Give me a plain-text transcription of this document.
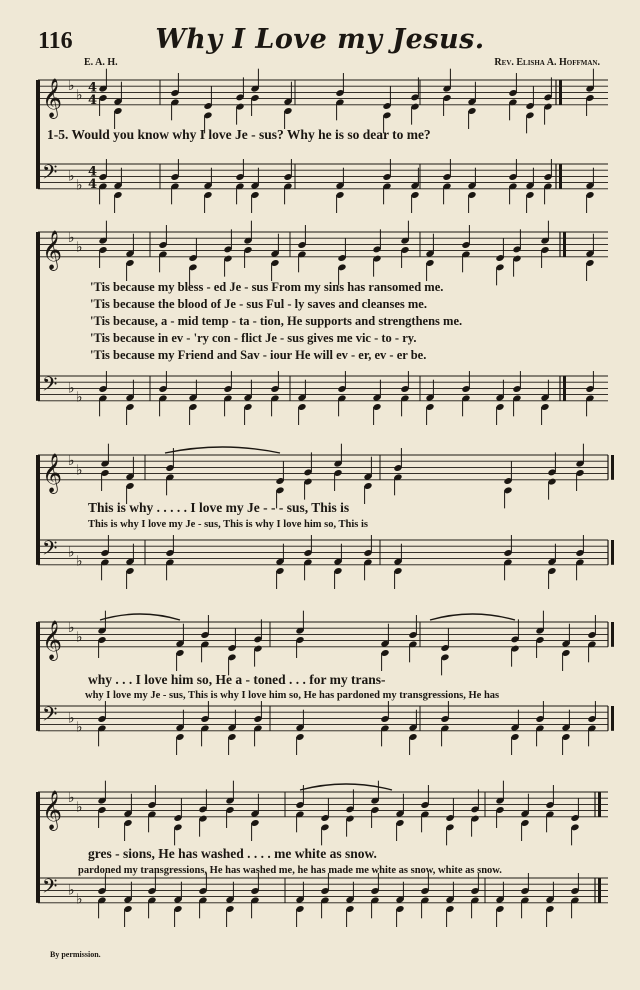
116	Why I Love my Jesus.
E. A. H.	Rev. Elisha A. Hoffman.
𝄞 ♭
♭ 4
4
𝄢 ♭
♭
4
4
1-5. Would you know why I love Je - sus? Why he is so dear to me?
𝄞 ♭
♭
𝄢 ♭
♭
'Tis because my bless - ed Je - sus From my sins has ransomed me.
'Tis because the blood of Je - sus Ful - ly saves and cleanses me.
'Tis because, a - mid temp - ta - tion, He supports and strengthens me.
'Tis because in ev - 'ry con - flict Je - sus gives me vic - to - ry.
'Tis because my Friend and Sav - iour He will ev - er, ev - er be.
𝄞 ♭
♭
𝄢 ♭
♭
This is why . . . . . I love my Je - - - sus, This is
This is why I love my Je - sus, This is why I love him so, This is
𝄞 ♭
♭
𝄢 ♭
♭
why . . . I love him so, He a - toned . . . for my trans-
why I love my Je - sus, This is why I love him so, He has pardoned my transgressions, He has
𝄞 ♭
♭
𝄢 ♭
♭
gres - sions, He has washed . . . . me white as snow.
pardoned my transgressions, He has washed me, he has made me white as snow, white as snow.
By permission.
